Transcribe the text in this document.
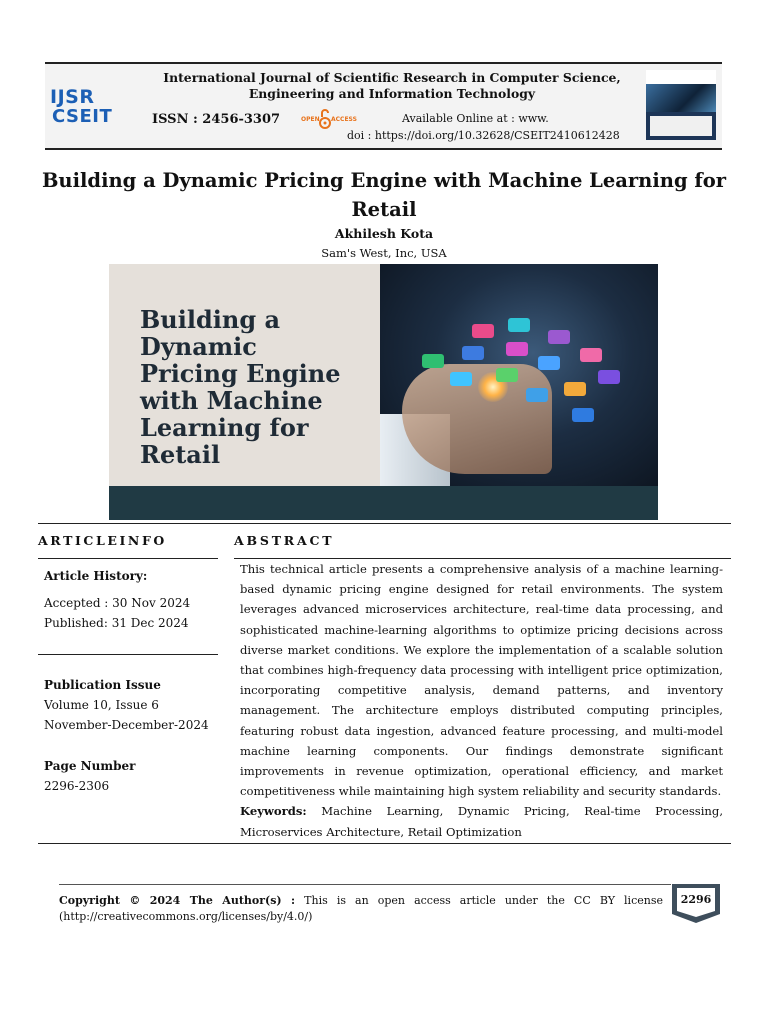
IJSR
CSEIT
International Journal of Scientific Research in Computer Science, Engineering and Information Technology
ISSN : 2456-3307	OPEN ACCESS	Available Online at : www.
doi : https://doi.org/10.32628/CSEIT2410612428
Building a Dynamic Pricing Engine with Machine Learning for Retail
Akhilesh Kota
Sam's West, Inc, USA
Building a
Dynamic
Pricing Engine
with Machine
Learning for
Retail
ARTICLEINFO
Article History:
Accepted : 30 Nov 2024
Published: 31 Dec 2024
Publication Issue
Volume 10, Issue 6
November-December-2024
Page Number
2296-2306
ABSTRACT
This technical article presents a comprehensive analysis of a machine learning-based dynamic pricing engine designed for retail environments. The system leverages advanced microservices architecture, real-time data processing, and sophisticated machine-learning algorithms to optimize pricing decisions across diverse market conditions. We explore the implementation of a scalable solution that combines high-frequency data processing with intelligent price optimization, incorporating competitive analysis, demand patterns, and inventory management. The architecture employs distributed computing principles, featuring robust data ingestion, advanced feature processing, and multi-model machine learning components. Our findings demonstrate significant improvements in revenue optimization, operational efficiency, and market competitiveness while maintaining high system reliability and security standards.
Keywords: Machine Learning, Dynamic Pricing, Real-time Processing, Microservices Architecture, Retail Optimization
Copyright © 2024 The Author(s) : This is an open access article under the CC BY license (http://creativecommons.org/licenses/by/4.0/)
2296
